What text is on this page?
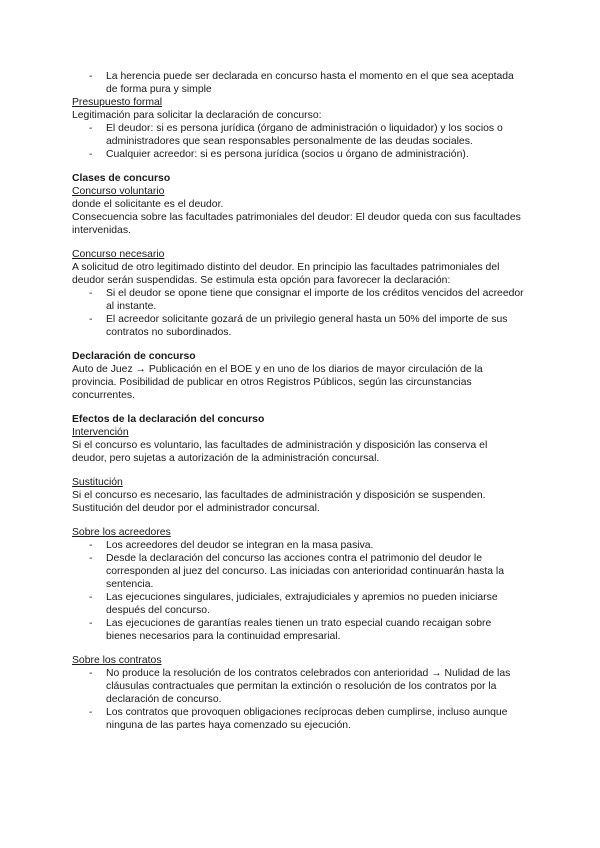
- La herencia puede ser declarada en concurso hasta el momento en el que sea aceptada de forma pura y simple
Presupuesto formal
Legitimación para solicitar la declaración de concurso:
- El deudor: si es persona jurídica (órgano de administración o liquidador) y los socios o administradores que sean responsables personalmente de las deudas sociales.
- Cualquier acreedor: si es persona jurídica (socios u órgano de administración).
Clases de concurso
Concurso voluntario
donde el solicitante es el deudor.
Consecuencia sobre las facultades patrimoniales del deudor: El deudor queda con sus facultades intervenidas.
Concurso necesario
A solicitud de otro legitimado distinto del deudor. En principio las facultades patrimoniales del deudor serán suspendidas. Se estimula esta opción para favorecer la declaración:
- Si el deudor se opone tiene que consignar el importe de los créditos vencidos del acreedor al instante.
- El acreedor solicitante gozará de un privilegio general hasta un 50% del importe de sus contratos no subordinados.
Declaración de concurso
Auto de Juez → Publicación en el BOE y en uno de los diarios de mayor circulación de la provincia. Posibilidad de publicar en otros Registros Públicos, según las circunstancias concurrentes.
Efectos de la declaración del concurso
Intervención
Si el concurso es voluntario, las facultades de administración y disposición las conserva el deudor, pero sujetas a autorización de la administración concursal.
Sustitución
Si el concurso es necesario, las facultades de administración y disposición se suspenden. Sustitución del deudor por el administrador concursal.
Sobre los acreedores
- Los acreedores del deudor se integran en la masa pasiva.
- Desde la declaración del concurso las acciones contra el patrimonio del deudor le corresponden al juez del concurso. Las iniciadas con anterioridad continuarán hasta la sentencia.
- Las ejecuciones singulares, judiciales, extrajudiciales y apremios no pueden iniciarse después del concurso.
- Las ejecuciones de garantías reales tienen un trato especial cuando recaigan sobre bienes necesarios para la continuidad empresarial.
Sobre los contratos
- No produce la resolución de los contratos celebrados con anterioridad → Nulidad de las cláusulas contractuales que permitan la extinción o resolución de los contratos por la declaración de concurso.
- Los contratos que provoquen obligaciones recíprocas deben cumplirse, incluso aunque ninguna de las partes haya comenzado su ejecución.
